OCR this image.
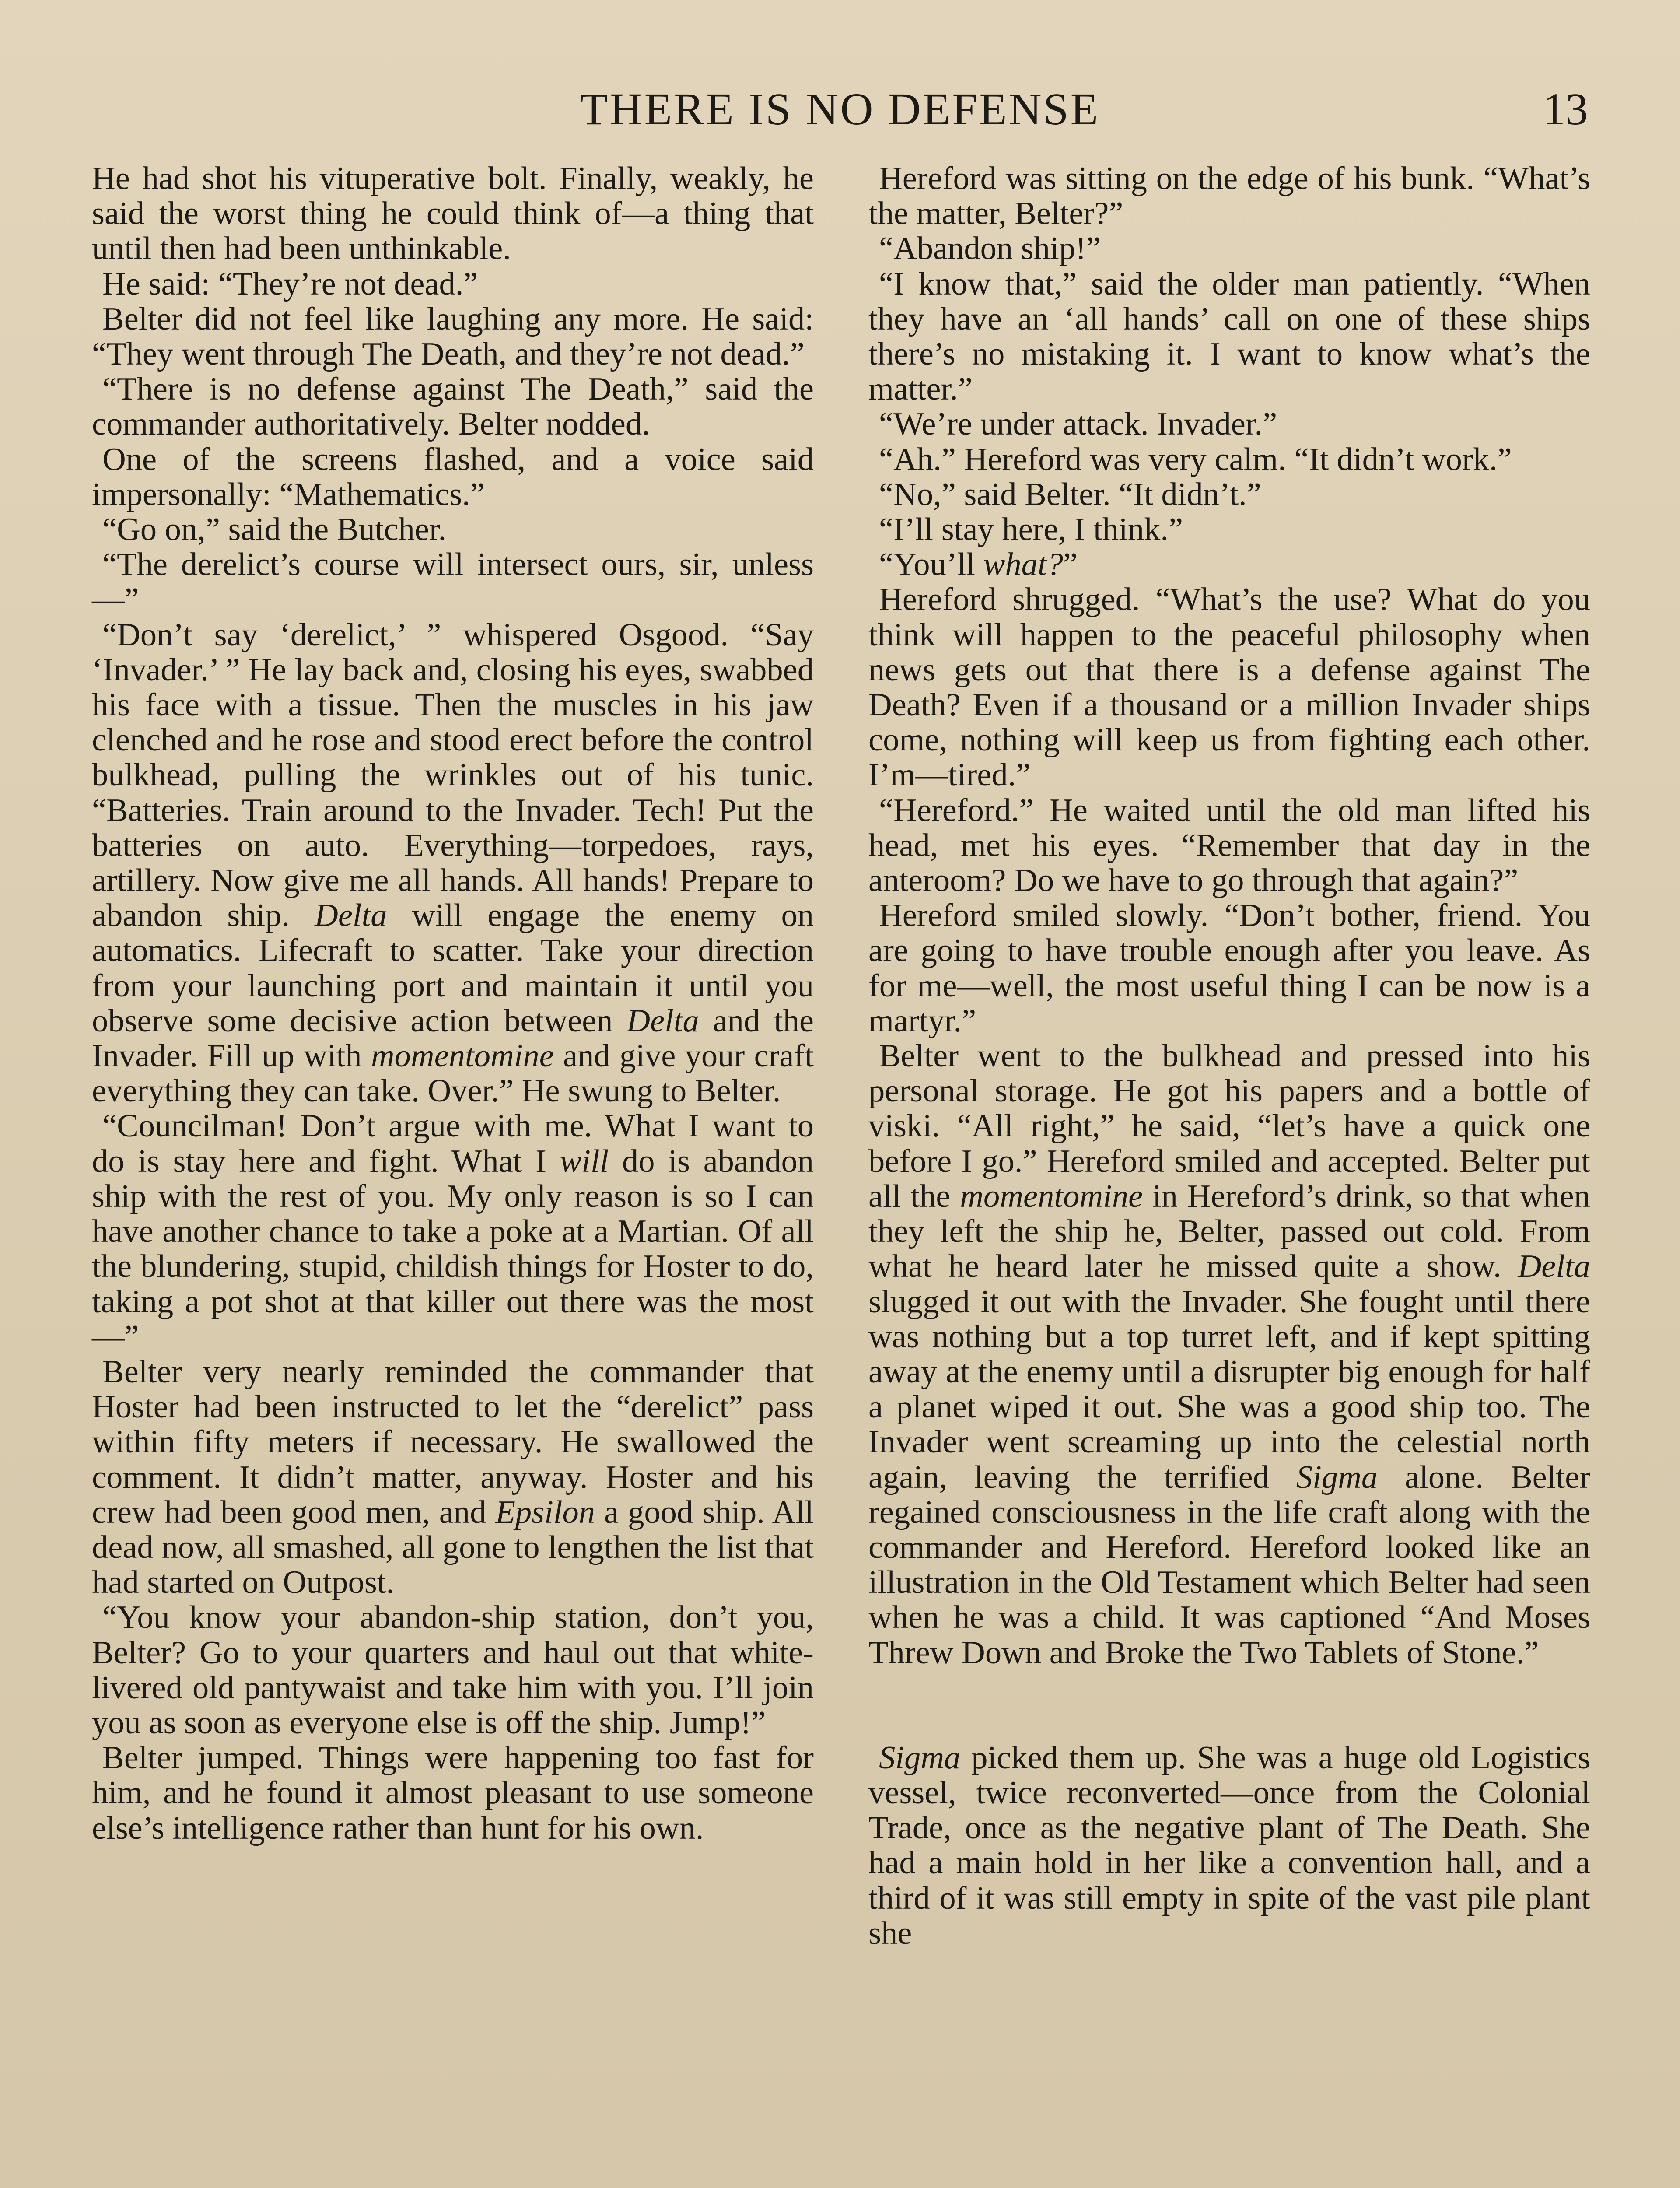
THERE IS NO DEFENSE	13

He had shot his vituperative bolt. Finally, weakly, he said the worst thing he could think of—a thing that until then had been unthinkable.

He said: “They’re not dead.”

Belter did not feel like laughing any more. He said: “They went through The Death, and they’re not dead.”

“There is no defense against The Death,” said the commander authoritatively. Belter nodded.

One of the screens flashed, and a voice said impersonally: “Mathematics.”

“Go on,” said the Butcher.

“The derelict’s course will intersect ours, sir, unless—”

“Don’t say ‘derelict,’ ” whispered Osgood. “Say ‘Invader.’ ” He lay back and, closing his eyes, swabbed his face with a tissue. Then the muscles in his jaw clenched and he rose and stood erect before the control bulkhead, pulling the wrinkles out of his tunic. “Batteries. Train around to the Invader. Tech! Put the batteries on auto. Everything—torpedoes, rays, artillery. Now give me all hands. All hands! Prepare to abandon ship. Delta will engage the enemy on automatics. Lifecraft to scatter. Take your direction from your launching port and maintain it until you observe some decisive action between Delta and the Invader. Fill up with momentomine and give your craft everything they can take. Over.” He swung to Belter.

“Councilman! Don’t argue with me. What I want to do is stay here and fight. What I will do is abandon ship with the rest of you. My only reason is so I can have another chance to take a poke at a Martian. Of all the blundering, stupid, childish things for Hoster to do, taking a pot shot at that killer out there was the most—”

Belter very nearly reminded the commander that Hoster had been instructed to let the “derelict” pass within fifty meters if necessary. He swallowed the comment. It didn’t matter, anyway. Hoster and his crew had been good men, and Epsilon a good ship. All dead now, all smashed, all gone to lengthen the list that had started on Outpost.

“You know your abandon-ship station, don’t you, Belter? Go to your quarters and haul out that white-livered old pantywaist and take him with you. I’ll join you as soon as everyone else is off the ship. Jump!”

Belter jumped. Things were happening too fast for him, and he found it almost pleasant to use someone else’s intelligence rather than hunt for his own.

Hereford was sitting on the edge of his bunk. “What’s the matter, Belter?”

“Abandon ship!”

“I know that,” said the older man patiently. “When they have an ‘all hands’ call on one of these ships there’s no mistaking it. I want to know what’s the matter.”

“We’re under attack. Invader.”

“Ah.” Hereford was very calm. “It didn’t work.”

“No,” said Belter. “It didn’t.”

“I’ll stay here, I think.”

“You’ll what?”

Hereford shrugged. “What’s the use? What do you think will happen to the peaceful philosophy when news gets out that there is a defense against The Death? Even if a thousand or a million Invader ships come, nothing will keep us from fighting each other. I’m—tired.”

“Hereford.” He waited until the old man lifted his head, met his eyes. “Remember that day in the anteroom? Do we have to go through that again?”

Hereford smiled slowly. “Don’t bother, friend. You are going to have trouble enough after you leave. As for me—well, the most useful thing I can be now is a martyr.”

Belter went to the bulkhead and pressed into his personal storage. He got his papers and a bottle of viski. “All right,” he said, “let’s have a quick one before I go.” Hereford smiled and accepted. Belter put all the momentomine in Hereford’s drink, so that when they left the ship he, Belter, passed out cold. From what he heard later he missed quite a show. Delta slugged it out with the Invader. She fought until there was nothing but a top turret left, and if kept spitting away at the enemy until a disrupter big enough for half a planet wiped it out. She was a good ship too. The Invader went screaming up into the celestial north again, leaving the terrified Sigma alone. Belter regained consciousness in the life craft along with the commander and Hereford. Hereford looked like an illustration in the Old Testament which Belter had seen when he was a child. It was captioned “And Moses Threw Down and Broke the Two Tablets of Stone.”

Sigma picked them up. She was a huge old Logistics vessel, twice reconverted—once from the Colonial Trade, once as the negative plant of The Death. She had a main hold in her like a convention hall, and a third of it was still empty in spite of the vast pile plant she
